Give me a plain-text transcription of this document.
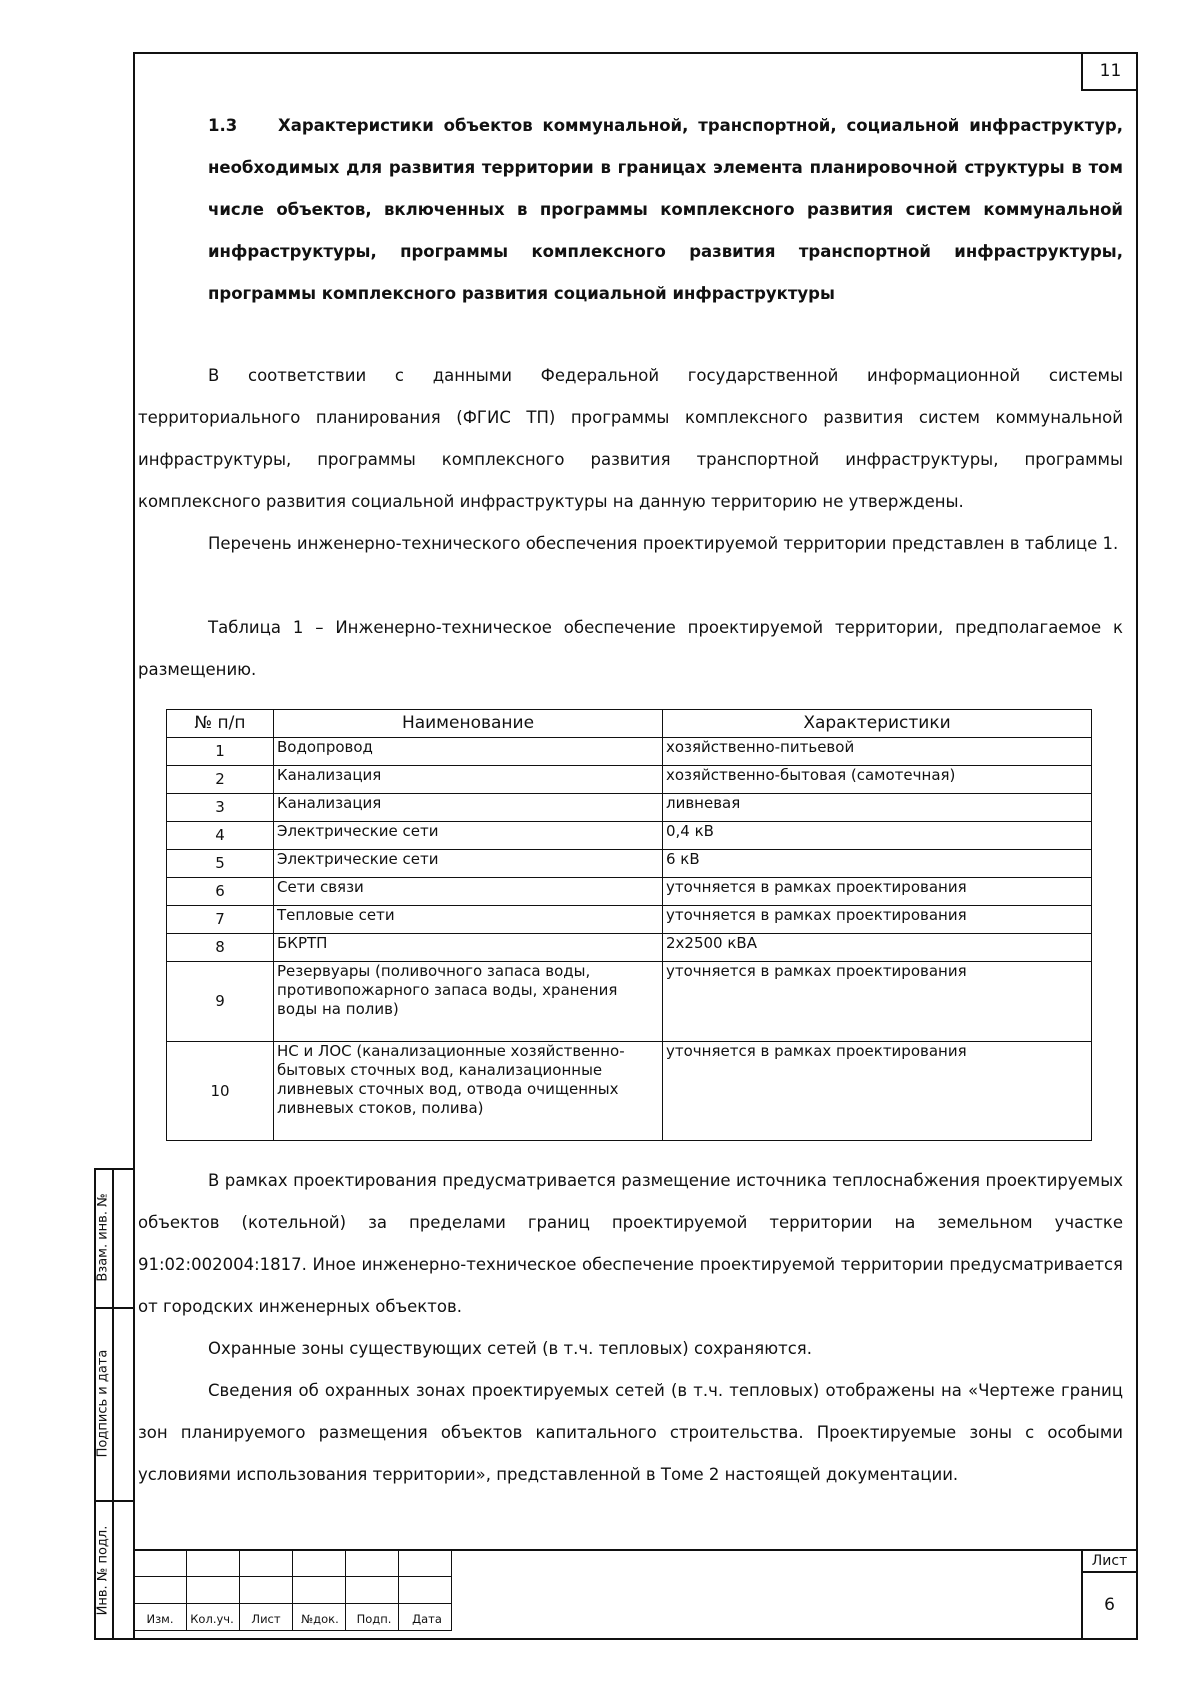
11
1.3 Характеристики объектов коммунальной, транспортной, социальной инфраструктур, необходимых для развития территории в границах элемента планировочной структуры в том числе объектов, включенных в программы комплексного развития систем коммунальной инфраструктуры, программы комплексного развития транспортной инфраструктуры, программы комплексного развития социальной инфраструктуры
В соответствии с данными Федеральной государственной информационной системы территориального планирования (ФГИС ТП) программы комплексного развития систем коммунальной инфраструктуры, программы комплексного развития транспортной инфраструктуры, программы комплексного развития социальной инфраструктуры на данную территорию не утверждены.
Перечень инженерно-технического обеспечения проектируемой территории представлен в таблице 1.
Таблица 1 – Инженерно-техническое обеспечение проектируемой территории, предполагаемое к размещению.
№ п/п	Наименование	Характеристики
1	Водопровод	хозяйственно-питьевой
2	Канализация	хозяйственно-бытовая (самотечная)
3	Канализация	ливневая
4	Электрические сети	0,4 кВ
5	Электрические сети	6 кВ
6	Сети связи	уточняется в рамках проектирования
7	Тепловые сети	уточняется в рамках проектирования
8	БКРТП	2х2500 кВА
9	Резервуары (поливочного запаса воды, противопожарного запаса воды, хранения воды на полив)	уточняется в рамках проектирования
10	НС и ЛОС (канализационные хозяйственно-бытовых сточных вод, канализационные ливневых сточных вод, отвода очищенных ливневых стоков, полива)	уточняется в рамках проектирования
В рамках проектирования предусматривается размещение источника теплоснабжения проектируемых объектов (котельной) за пределами границ проектируемой территории на земельном участке 91:02:002004:1817. Иное инженерно-техническое обеспечение проектируемой территории предусматривается от городских инженерных объектов.
Охранные зоны существующих сетей (в т.ч. тепловых) сохраняются.
Сведения об охранных зонах проектируемых сетей (в т.ч. тепловых) отображены на «Чертеже границ зон планируемого размещения объектов капитального строительства. Проектируемые зоны с особыми условиями использования территории», представленной в Томе 2 настоящей документации.
Взам. инв. №
Подпись и дата
Инв. № подл.

Изм.	Кол.уч.	Лист	№док.	Подп.	Дата
Лист
6
